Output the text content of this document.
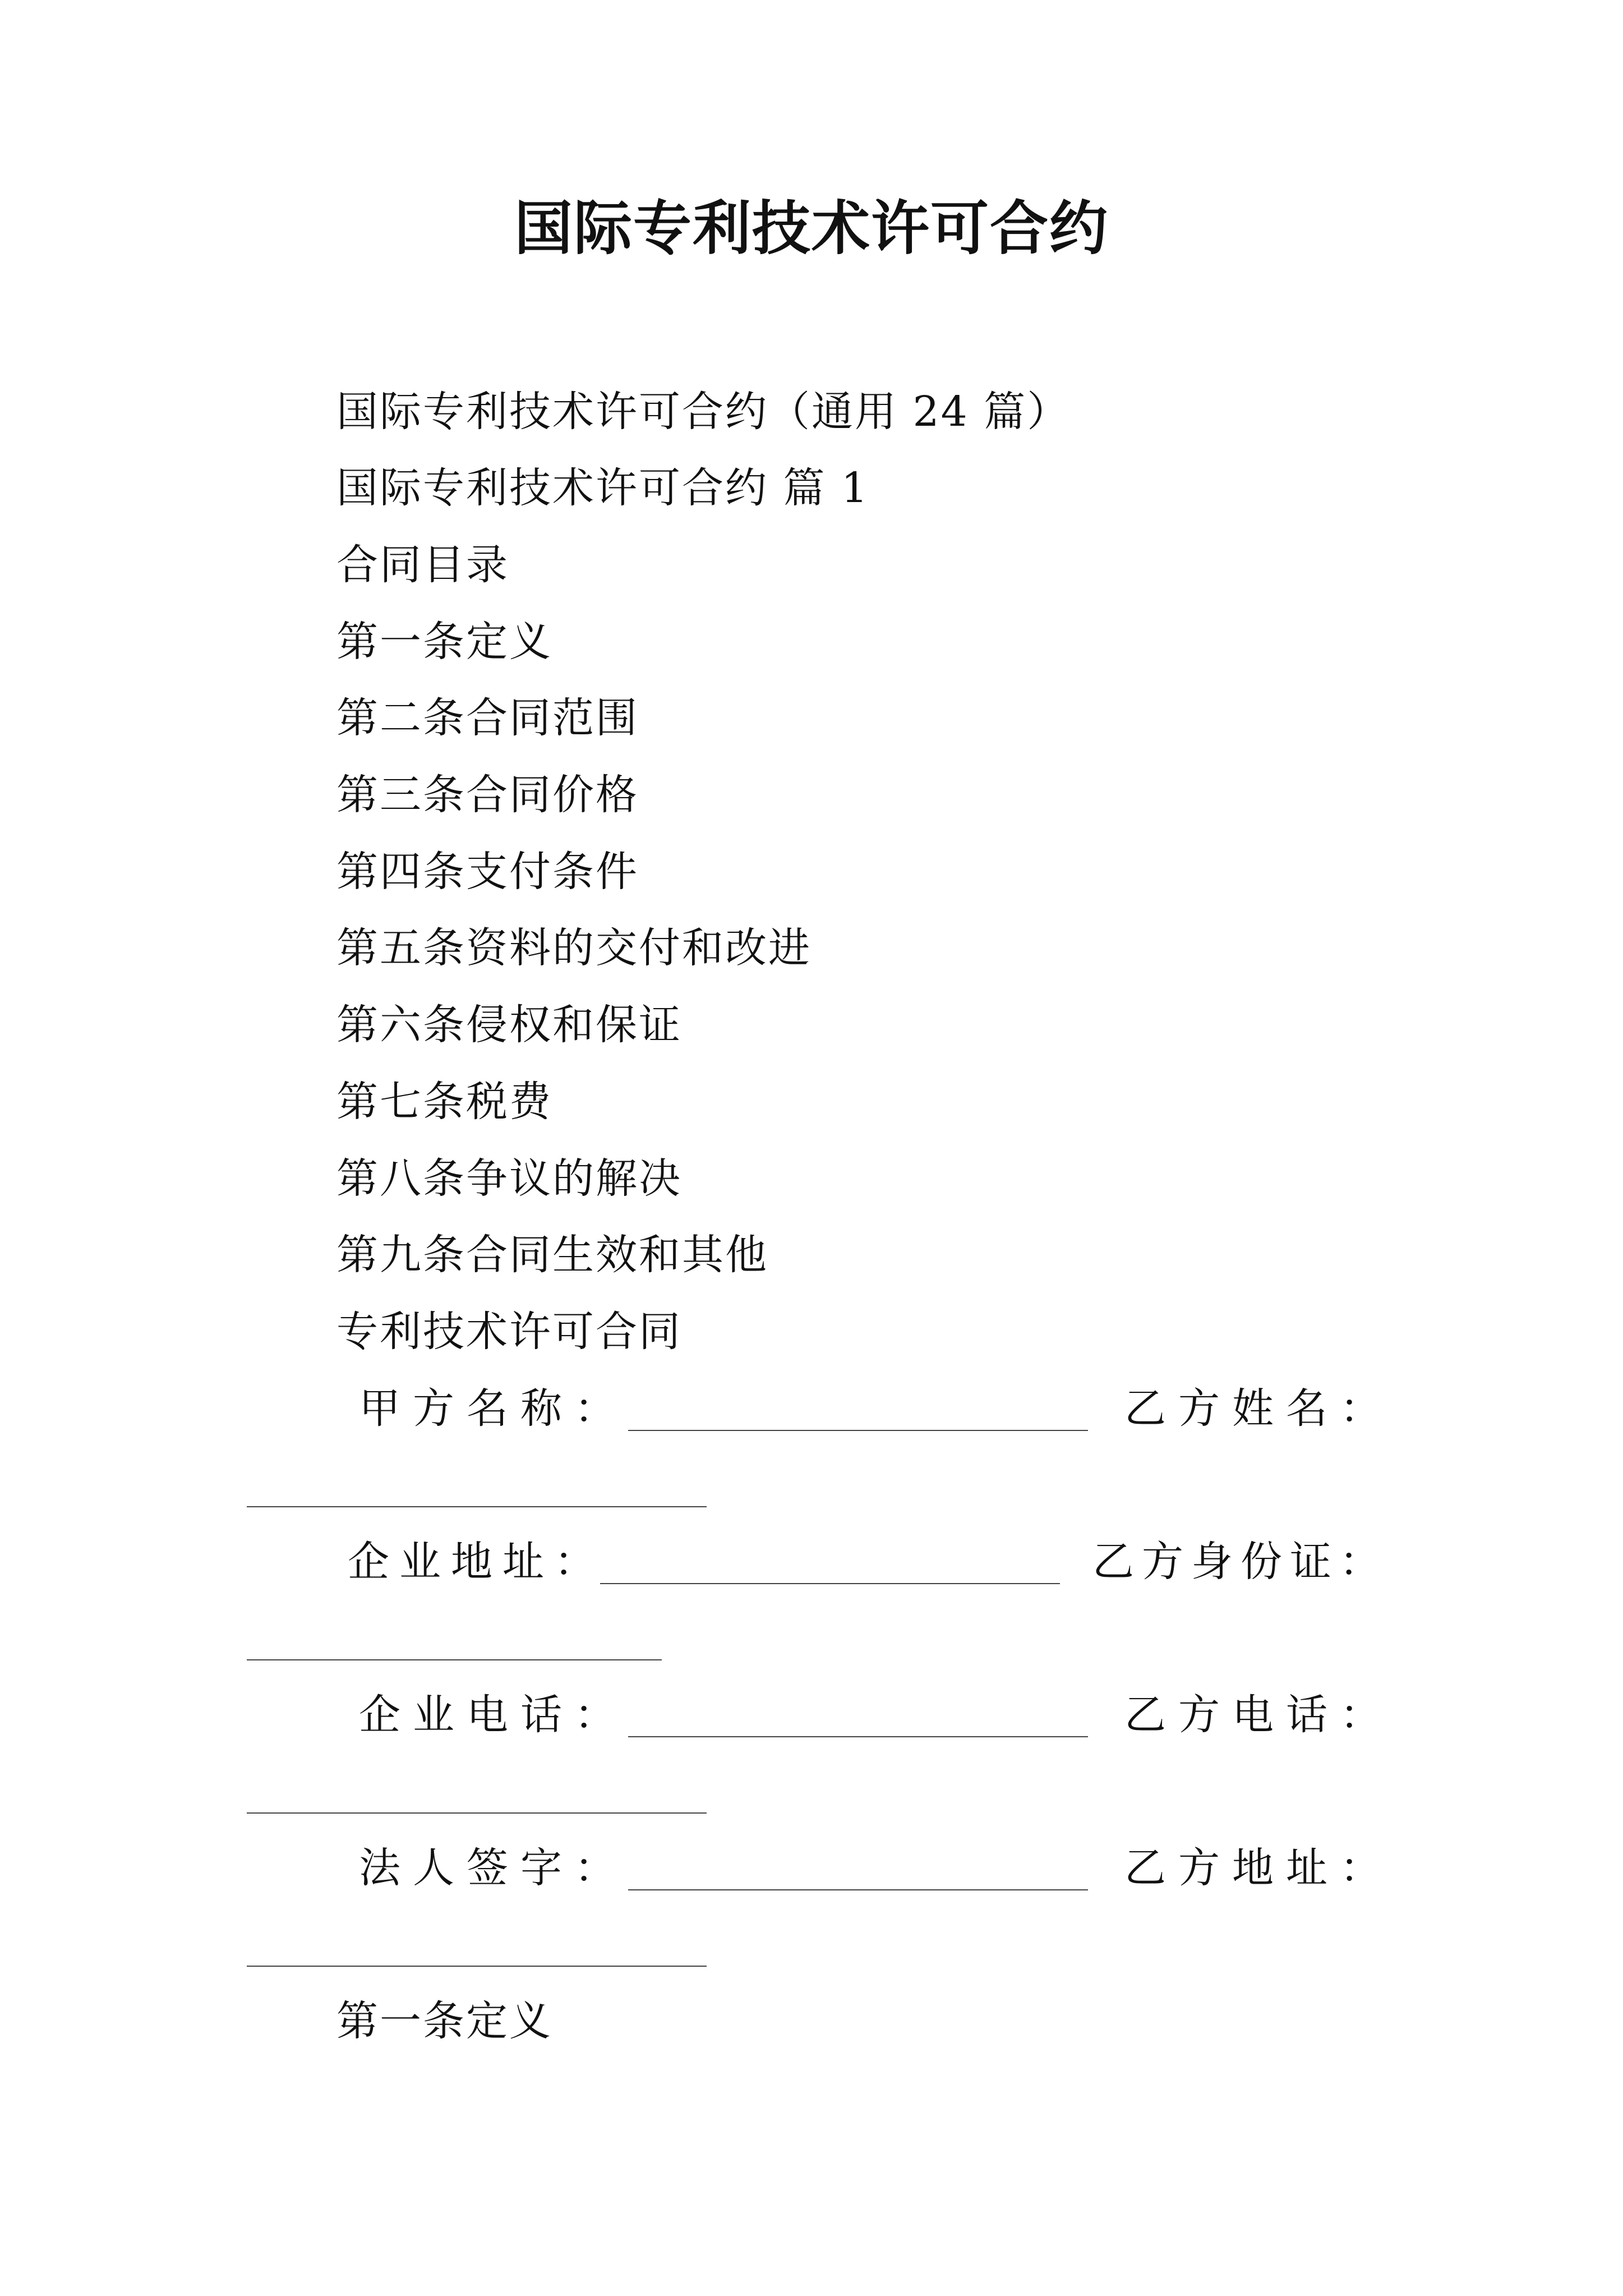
国际专利技术许可合约
国际专利技术许可合约（通用 24 篇）
国际专利技术许可合约 篇 1
合同目录
第一条定义
第二条合同范围
第三条合同价格
第四条支付条件
第五条资料的交付和改进
第六条侵权和保证
第七条税费
第八条争议的解决
第九条合同生效和其他
专利技术许可合同
甲方名称：	乙方姓名：
企业地址：	乙方身份证：
企业电话：	乙方电话：
法人签字：	乙方地址：
第一条定义
